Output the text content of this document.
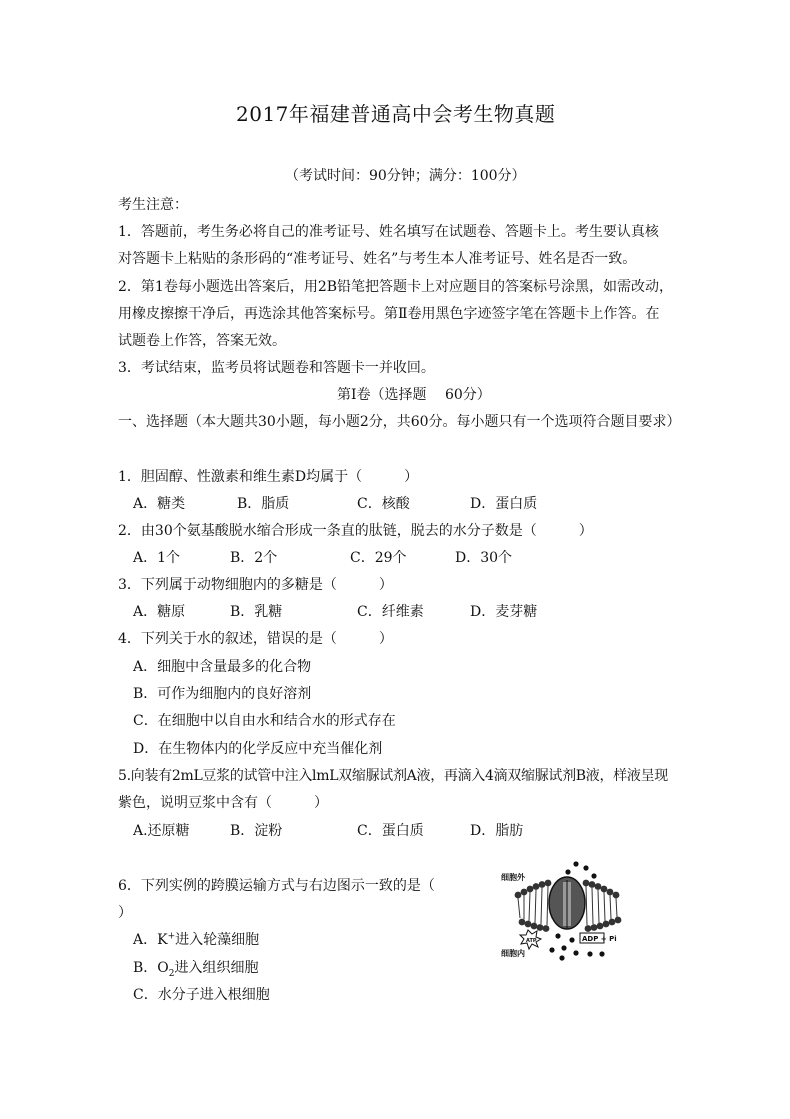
2017年福建普通高中会考生物真题
（考试时间：90分钟；满分：100分）
考生注意：
1．答题前，考生务必将自己的准考证号、姓名填写在试题卷、答题卡上。考生要认真核
对答题卡上粘贴的条形码的“准考证号、姓名”与考生本人准考证号、姓名是否一致。
2．第1卷每小题选出答案后，用2B铅笔把答题卡上对应题目的答案标号涂黑，如需改动，
用橡皮擦擦干净后，再选涂其他答案标号。第Ⅱ卷用黑色字迹签字笔在答题卡上作答。在
试题卷上作答，答案无效。
3．考试结束，监考员将试题卷和答题卡一并收回。
第Ⅰ卷（选择题　 60分）
一、选择题（本大题共30小题，每小题2分，共60分。每小题只有一个选项符合题目要求）
1．胆固醇、性激素和维生素D均属于（　　　）
A．糖类	B．脂质	C．核酸	D．蛋白质
2．由30个氨基酸脱水缩合形成一条直的肽链，脱去的水分子数是（　　　）
A．1个	B．2个	C．29个	D．30个
3．下列属于动物细胞内的多糖是（　　　）
A．糖原	B．乳糖	C．纤维素	D．麦芽糖
4．下列关于水的叙述，错误的是（　　　）
A．细胞中含量最多的化合物
B．可作为细胞内的良好溶剂
C．在细胞中以自由水和结合水的形式存在
D．在生物体内的化学反应中充当催化剂
5.向装有2mL豆浆的试管中注入lmL双缩脲试剂A液，再滴入4滴双缩脲试剂B液，样液呈现
紫色，说明豆浆中含有（　　　）
A.还原糖	B．淀粉	C．蛋白质	D．脂肪
6．下列实例的跨膜运输方式与右边图示一致的是（
）
A．K+进入轮藻细胞
B．$O_2$进入组织细胞
C．水分子进入根细胞
ATP	ADP + Pi
细胞外
细胞内
